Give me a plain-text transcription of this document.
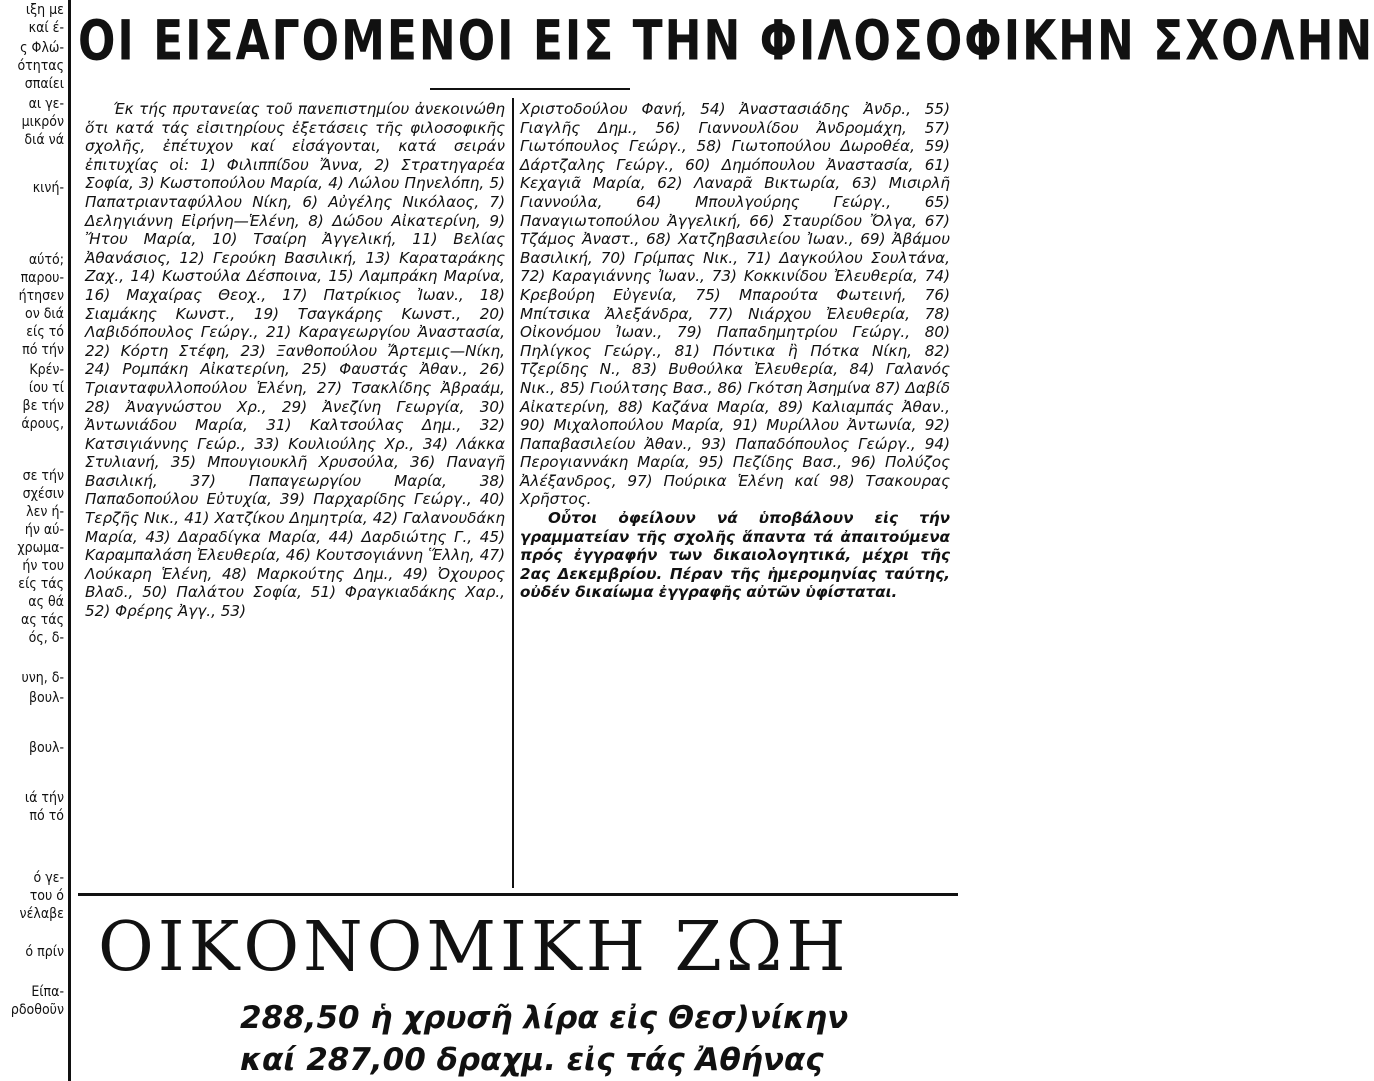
ιξη με
καί έ-
ς Φλώ-
ότητας
σπαίει
αι γε-
μικρόν
διά νά
κινή-
αύτό;
παρου-
ήτησεν
ον διά
είς τό
πό τήν
Κρέν-
ίου τί
βε τήν
άρους,
σε τήν
σχέσιν
λεν ή-
ήν αύ-
χρωμα-
ήν του
είς τάς
ας θά
ας τάς
ός, δ-
υνη, δ-
βουλ-
βουλ-
ιά τήν
πό τό
ό γε-
του ό
νέλαβε
ό πρίν
Είπα-
ρδοθοῦν
ΟΙ ΕΙΣΑΓΟΜΕΝΟΙ ΕΙΣ ΤΗΝ ΦΙΛΟΣΟΦΙΚΗΝ ΣΧΟΛΗΝ

Έκ τής πρυτανείας τοῦ πανεπιστημίου ἀνεκοινώθη ὅτι κατά τάς εἰσιτηρίους ἐξετάσεις τῆς φιλοσοφικῆς σχολῆς, ἐπέτυχον καί εἰσάγονται, κατά σειράν ἐπιτυχίας οἱ: 1) Φιλιππίδου Ἄννα, 2) Στρατηγαρέα Σοφία, 3) Κωστοπούλου Μαρία, 4) Λώλου Πηνελόπη, 5) Παπατριανταφύλλου Νίκη, 6) Αὐγέλης Νικόλαος, 7) Δεληγιάννη Εἰρήνη—Ἑλένη, 8) Δώδου Αἰκατερίνη, 9) Ἤτου Μαρία, 10) Τσαίρη Ἀγγελική, 11) Βελίας Ἀθανάσιος, 12) Γερούκη Βασιλική, 13) Καραταράκης Ζαχ., 14) Κωστούλα Δέσποινα, 15) Λαμπράκη Μαρίνα, 16) Μαχαίρας Θεοχ., 17) Πατρίκιος Ἰωαν., 18) Σιαμάκης Κωνστ., 19) Τσαγκάρης Κωνστ., 20) Λαβιδόπουλος Γεώργ., 21) Καραγεωργίου Ἀναστασία, 22) Κόρτη Στέφη, 23) Ξανθοπούλου Ἄρτεμις—Νίκη, 24) Ρομπάκη Αἰκατερίνη, 25) Φαυστάς Ἀθαν., 26) Τριανταφυλλοπούλου Ἑλένη, 27) Τσακλίδης Ἀβραάμ, 28) Ἀναγνώστου Χρ., 29) Ἀνεζίνη Γεωργία, 30) Ἀντωνιάδου Μαρία, 31) Καλτσούλας Δημ., 32) Κατσιγιάννης Γεώρ., 33) Κουλιούλης Χρ., 34) Λάκκα Στυλιανή, 35) Μπουγιουκλῆ Χρυσούλα, 36) Παναγῆ Βασιλική, 37) Παπαγεωργίου Μαρία, 38) Παπαδοπούλου Εὐτυχία, 39) Παρχαρίδης Γεώργ., 40) Τερζῆς Νικ., 41) Χατζίκου Δημητρία, 42) Γαλανουδάκη Μαρία, 43) Δαραδίγκα Μαρία, 44) Δαρδιώτης Γ., 45) Καραμπαλάση Ἐλευθερία, 46) Κουτσογιάννη Ἕλλη, 47) Λούκαρη Ἑλένη, 48) Μαρκούτης Δημ., 49) Ὀχουρος Βλαδ., 50) Παλάτου Σοφία, 51) Φραγκιαδάκης Χαρ., 52) Φρέρης Ἀγγ., 53)

Χριστοδούλου Φανή, 54) Ἀναστασιάδης Ἀνδρ., 55) Γιαγλῆς Δημ., 56) Γιαννουλίδου Ἀνδρομάχη, 57) Γιωτόπουλος Γεώργ., 58) Γιωτοπούλου Δωροθέα, 59) Δάρτζαλης Γεώργ., 60) Δημόπουλου Ἀναστασία, 61) Κεχαγιᾶ Μαρία, 62) Λαναρᾶ Βικτωρία, 63) Μισιρλῆ Γιαννούλα, 64) Μπουλγούρης Γεώργ., 65) Παναγιωτοπούλου Ἀγγελική, 66) Σταυρίδου Ὄλγα, 67) Τζάμος Ἀναστ., 68) Χατζηβασιλείου Ἰωαν., 69) Ἀβάμου Βασιλική, 70) Γρίμπας Νικ., 71) Δαγκούλου Σουλτάνα, 72) Καραγιάννης Ἰωαν., 73) Κοκκινίδου Ἐλευθερία, 74) Κρεβούρη Εὐγενία, 75) Μπαρούτα Φωτεινή, 76) Μπίτσικα Ἀλεξάνδρα, 77) Νιάρχου Ἐλευθερία, 78) Οἰκονόμου Ἰωαν., 79) Παπαδημητρίου Γεώργ., 80) Πηλίγκος Γεώργ., 81) Πόντικα ἢ Πότκα Νίκη, 82) Τζερίδης Ν., 83) Βυθούλκα Ἐλευθερία, 84) Γαλανός Νικ., 85) Γιούλτσης Βασ., 86) Γκότση Ἀσημίνα 87) Δαβίδ Αἰκατερίνη, 88) Καζάνα Μαρία, 89) Καλιαμπάς Ἀθαν., 90) Μιχαλοπούλου Μαρία, 91) Μυρίλλου Ἀντωνία, 92) Παπαβασιλείου Ἀθαν., 93) Παπαδόπουλος Γεώργ., 94) Περογιαννάκη Μαρία, 95) Πεζίδης Βασ., 96) Πολύζος Ἀλέξανδρος, 97) Πούρικα Ἑλένη καί 98) Τσακουρας Χρῆστος.

Οὗτοι ὀφείλουν νά ὑποβάλουν εἰς τήν γραμματείαν τῆς σχολῆς ἅπαντα τά ἀπαιτούμενα πρός ἐγγραφήν των δικαιολογητικά, μέχρι τῆς 2ας Δεκεμβρίου. Πέραν τῆς ἡμερομηνίας ταύτης, οὐδέν δικαίωμα ἐγγραφῆς αὐτῶν ὑφίσταται.

ΟΙΚΟΝΟΜΙΚΗ ΖΩΗ
288,50 ἡ χρυσῆ λίρα εἰς Θεσ)νίκην
καί 287,00 δραχμ. εἰς τάς Ἀθήνας
